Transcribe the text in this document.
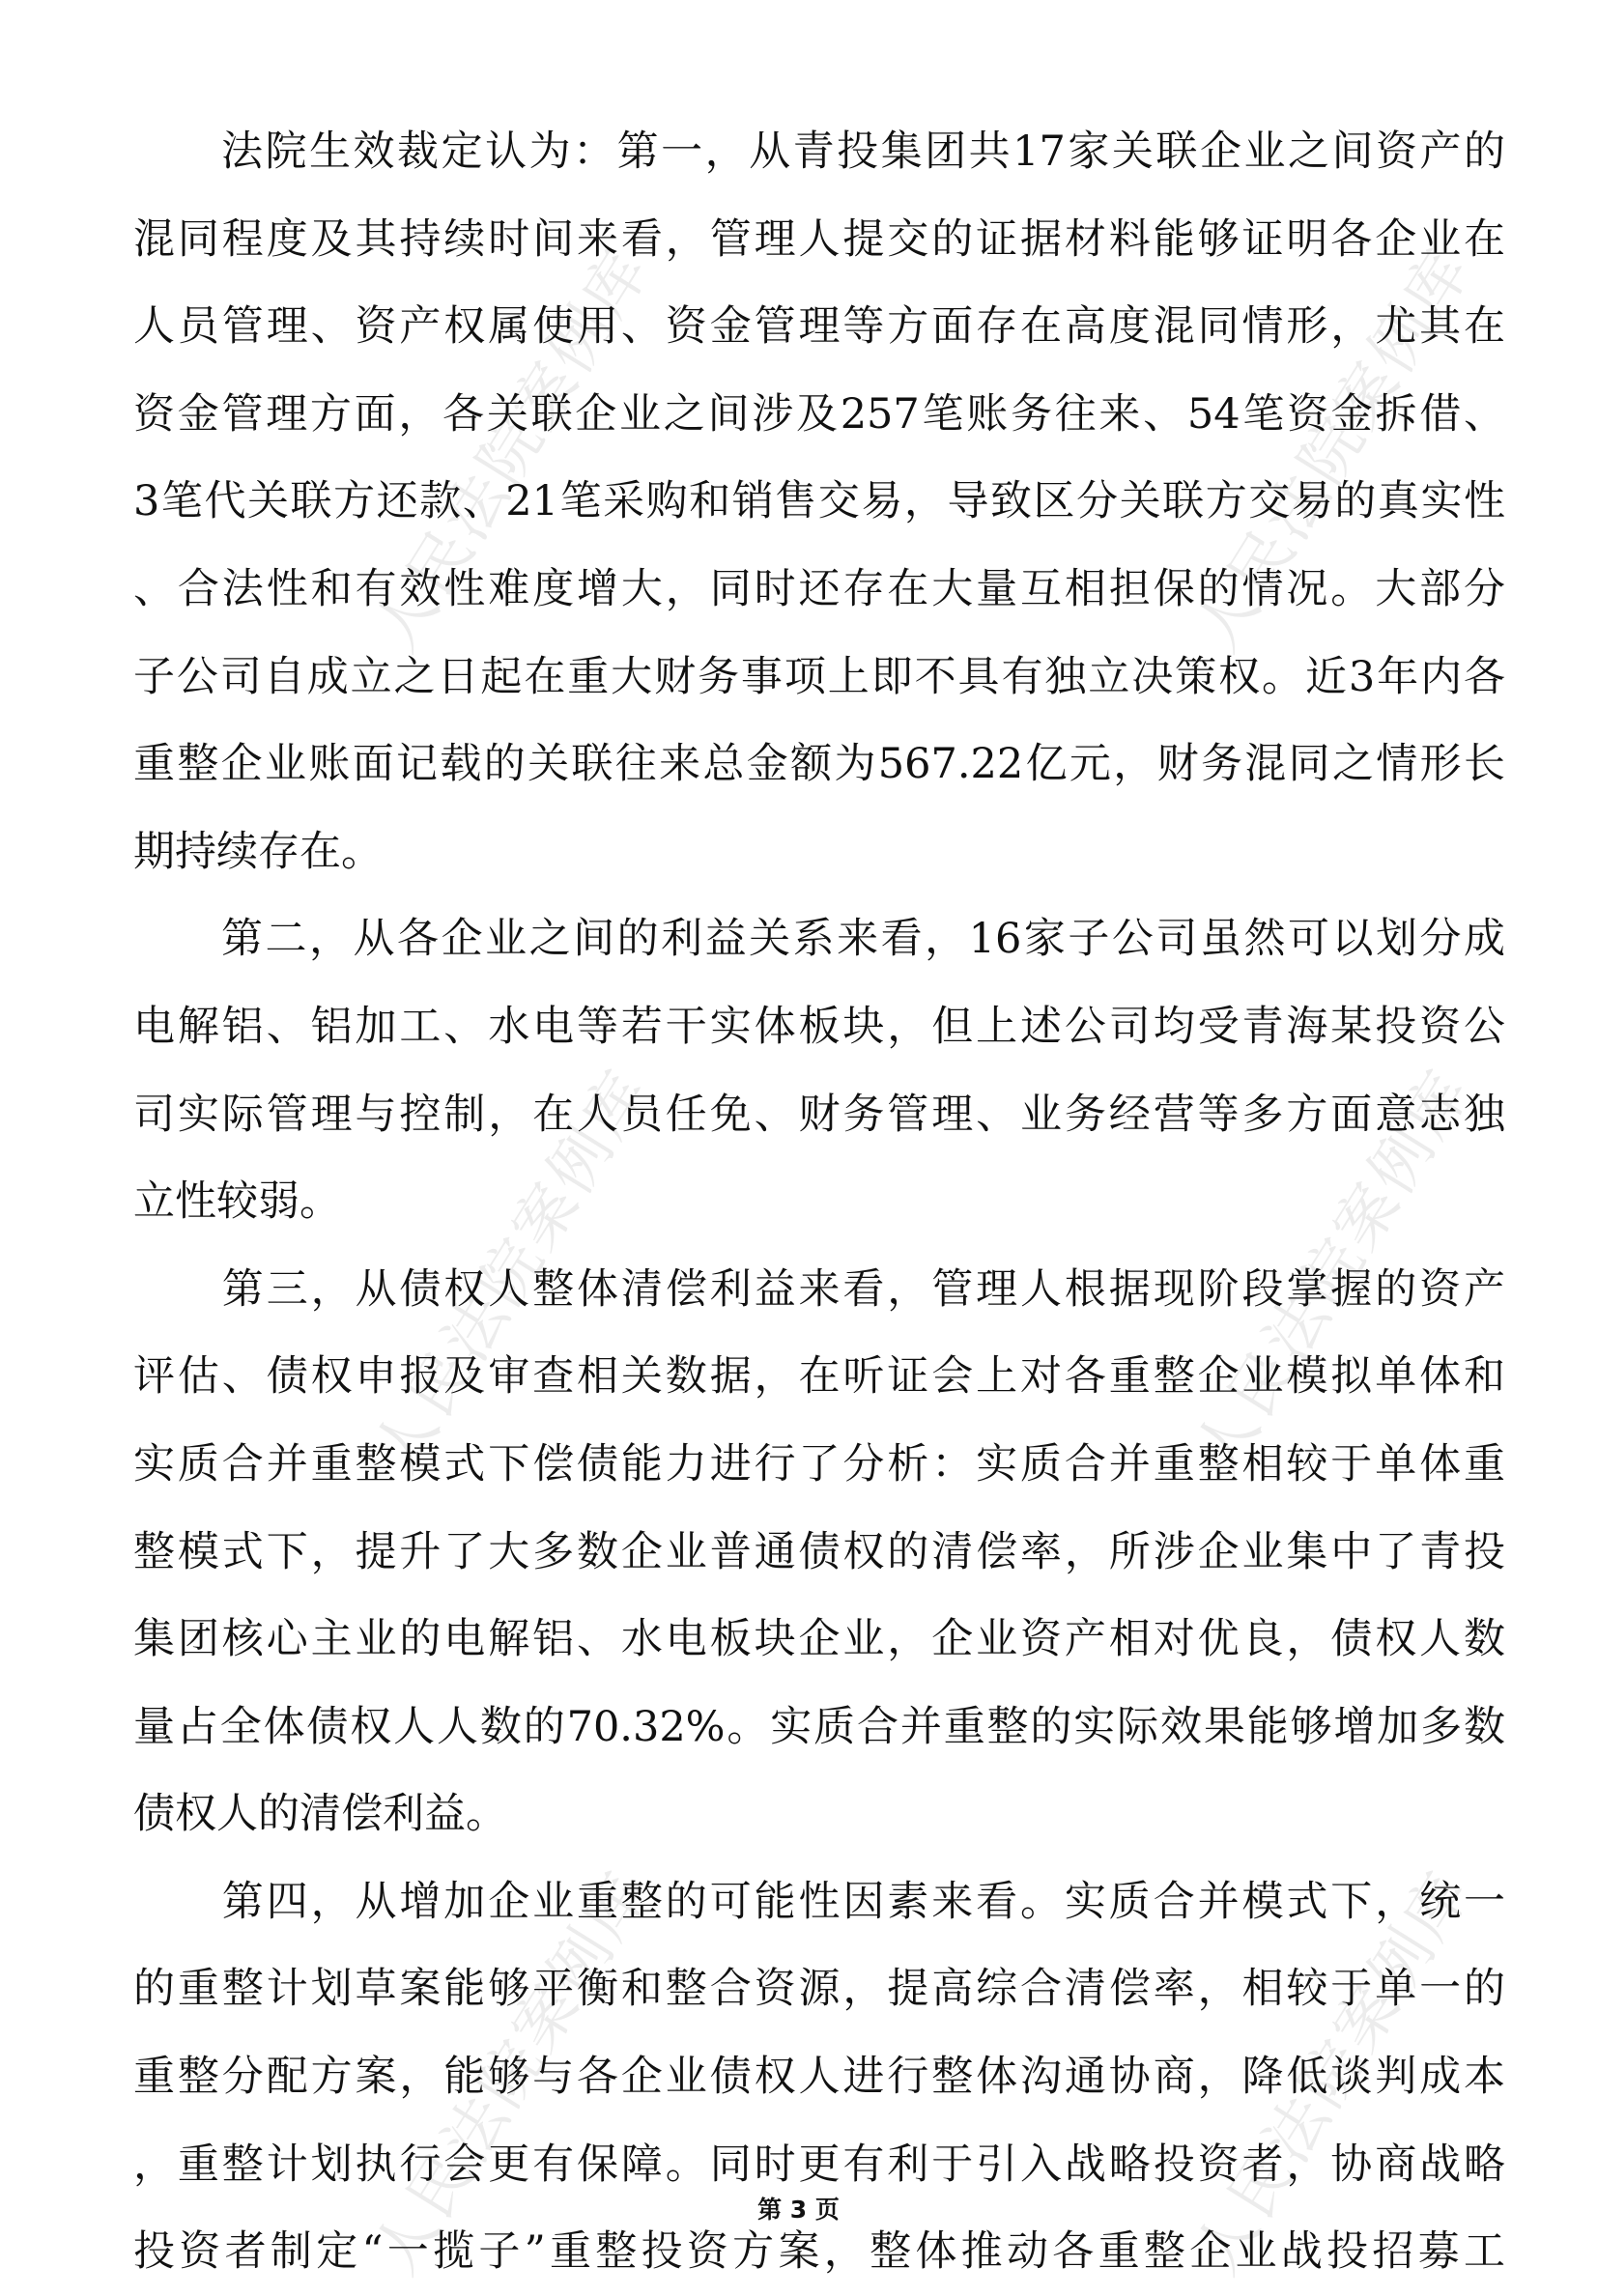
人民法院案例库	人民法院案例库
人民法院案例库	人民法院案例库
人民法院案例库	人民法院案例库
　　法院生效裁定认为：第一，从青投集团共17家关联企业之间资产的
混同程度及其持续时间来看，管理人提交的证据材料能够证明各企业在
人员管理、资产权属使用、资金管理等方面存在高度混同情形，尤其在
资金管理方面，各关联企业之间涉及257笔账务往来、54笔资金拆借、
3笔代关联方还款、21笔采购和销售交易，导致区分关联方交易的真实性
、合法性和有效性难度增大，同时还存在大量互相担保的情况。大部分
子公司自成立之日起在重大财务事项上即不具有独立决策权。近3年内各
重整企业账面记载的关联往来总金额为567.22亿元，财务混同之情形长
期持续存在。
　　第二，从各企业之间的利益关系来看，16家子公司虽然可以划分成
电解铝、铝加工、水电等若干实体板块，但上述公司均受青海某投资公
司实际管理与控制，在人员任免、财务管理、业务经营等多方面意志独
立性较弱。
　　第三，从债权人整体清偿利益来看，管理人根据现阶段掌握的资产
评估、债权申报及审查相关数据，在听证会上对各重整企业模拟单体和
实质合并重整模式下偿债能力进行了分析：实质合并重整相较于单体重
整模式下，提升了大多数企业普通债权的清偿率，所涉企业集中了青投
集团核心主业的电解铝、水电板块企业，企业资产相对优良，债权人数
量占全体债权人人数的70.32%。实质合并重整的实际效果能够增加多数
债权人的清偿利益。
　　第四，从增加企业重整的可能性因素来看。实质合并模式下，统一
的重整计划草案能够平衡和整合资源，提高综合清偿率，相较于单一的
重整分配方案，能够与各企业债权人进行整体沟通协商，降低谈判成本
，重整计划执行会更有保障。同时更有利于引入战略投资者，协商战略
投资者制定“一揽子”重整投资方案，整体推动各重整企业战投招募工
第 3 页
